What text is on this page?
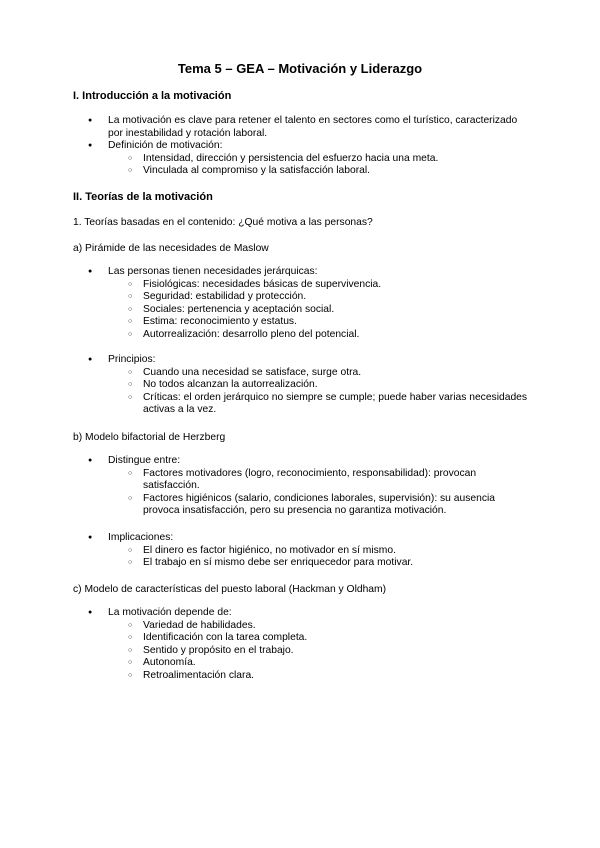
Tema 5 – GEA – Motivación y Liderazgo

I. Introducción a la motivación

● La motivación es clave para retener el talento en sectores como el turístico, caracterizado por inestabilidad y rotación laboral.
● Definición de motivación:
○ Intensidad, dirección y persistencia del esfuerzo hacia una meta.
○ Vinculada al compromiso y la satisfacción laboral.

II. Teorías de la motivación

1. Teorías basadas en el contenido: ¿Qué motiva a las personas?

a) Pirámide de las necesidades de Maslow

● Las personas tienen necesidades jerárquicas:
○ Fisiológicas: necesidades básicas de supervivencia.
○ Seguridad: estabilidad y protección.
○ Sociales: pertenencia y aceptación social.
○ Estima: reconocimiento y estatus.
○ Autorrealización: desarrollo pleno del potencial.
● Principios:
○ Cuando una necesidad se satisface, surge otra.
○ No todos alcanzan la autorrealización.
○ Críticas: el orden jerárquico no siempre se cumple; puede haber varias necesidades activas a la vez.

b) Modelo bifactorial de Herzberg

● Distingue entre:
○ Factores motivadores (logro, reconocimiento, responsabilidad): provocan satisfacción.
○ Factores higiénicos (salario, condiciones laborales, supervisión): su ausencia provoca insatisfacción, pero su presencia no garantiza motivación.
● Implicaciones:
○ El dinero es factor higiénico, no motivador en sí mismo.
○ El trabajo en sí mismo debe ser enriquecedor para motivar.

c) Modelo de características del puesto laboral (Hackman y Oldham)

● La motivación depende de:
○ Variedad de habilidades.
○ Identificación con la tarea completa.
○ Sentido y propósito en el trabajo.
○ Autonomía.
○ Retroalimentación clara.
